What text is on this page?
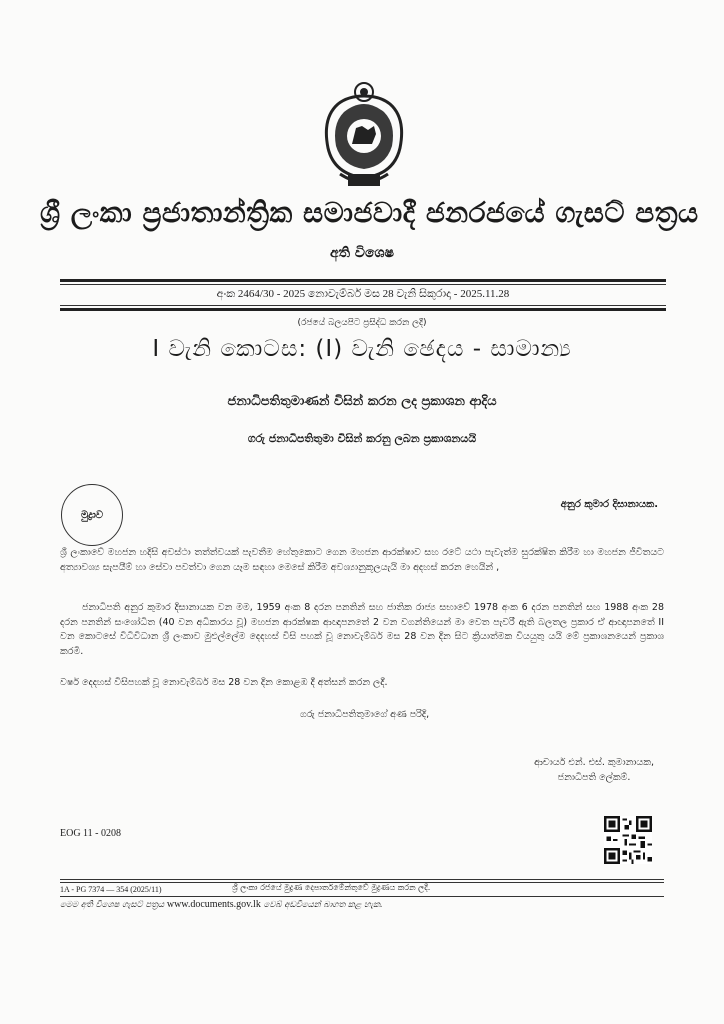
ශ්‍රී ලංකා ප්‍රජාතාන්ත්‍රික සමාජවාදී ජනරජයේ ගැසට් පත්‍රය
අති විශෙෂ
අංක 2464/30 - 2025 නොවැම්බර් මස 28 වැනි සිකුරාදා - 2025.11.28
(රජයේ බලයපිට ප්‍රසිද්ධ කරන ලදී)
I වැනි කොටස: (I) වැනි ඡෙදය - සාමාන්‍ය
ජනාධිපතිතුමාණන් විසින් කරන ලද ප්‍රකාශන ආදිය
ගරු ජනාධිපතිතුමා විසින් කරනු ලබන ප්‍රකාශනයයි
මුද්‍රාව
අනුර කුමාර දිසානායක.
ශ්‍රී ලංකාවේ මහජන හදිසි අවස්ථා තත්ත්වයක් පැවතීම හේතුකොට ගෙන මහජන ආරක්ෂාව සහ රටේ යථා පැවැත්ම සුරක්ෂිත කිරීම හා මහජන ජීවිතයට අත්‍යාවශ්‍ය සැපයීම් හා සේවා පවත්වා ගෙන යෑම සඳහා මෙසේ කිරීම අවශ්‍යානුකූලයැයි මා අදහස් කරන හෙයින් ,
ජනාධිපති අනුර කුමාර දිසානායක වන මම, 1959 අංක 8 දරන පනතින් සහ ජාතික රාජ්‍ය සභාවේ 1978 අංක 6 දරන පනතින් සහ 1988 අංක 28 දරන පනතින් සංශෝධිත (40 වන අධිකාරය වූ) මහජන ආරක්ෂක ආඥාපනතේ 2 වන වගන්තියෙන් මා වෙත පැවරී ඇති බලතල ප්‍රකාර ඒ ආඥාපනතේ II වන කොටසේ විධිවිධාන ශ්‍රී ලංකාව මුළුල්ලේම දෙදහස් විසි පහක් වූ නොවැම්බර් මස 28 වන දින සිට ක්‍රියාත්මක වියයුතු යයි මේ ප්‍රකාශනයෙන් ප්‍රකාශ කරමි.
වර්ෂ දෙදහස් විසිපහක් වූ නොවැම්බර් මස 28 වන දින කොළඹ දී අත්සන් කරන ලදී.
ගරු ජනාධිපතිතුමාගේ අණ පරිදි,
ආචාර්ය එන්. එස්. කුමානායක,
ජනාධිපති ලේකම්.
EOG 11 - 0208
1A - PG 7374 — 354 (2025/11)	ශ්‍රී ලංකා රජයේ මුද්‍රණ දෙපාර්තමේන්තුවේ මුද්‍රණය කරන ලදී.
මෙම අති විශෙෂ ගැසට් පත්‍රය www.documents.gov.lk වෙබ් අඩවියෙන් බාගත කළ හැක.
